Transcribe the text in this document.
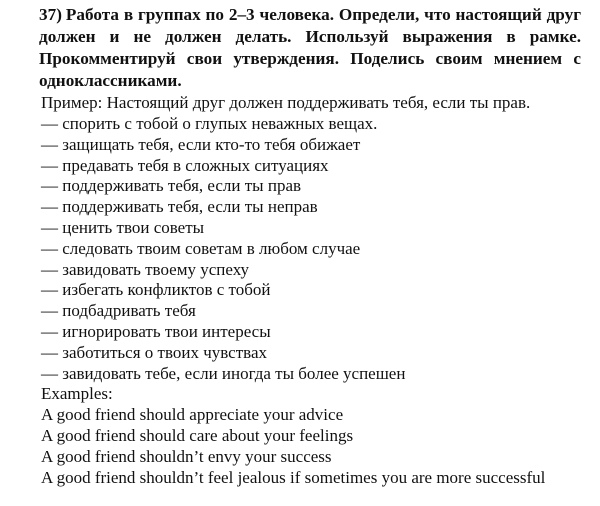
37) Работа в группах по 2–3 человека. Определи, что настоящий друг должен и не должен делать. Используй выражения в рамке. Прокомментируй свои утверждения. Поделись своим мнением с одноклассниками.
Пример: Настоящий друг должен поддерживать тебя, если ты прав.
— спорить с тобой о глупых неважных вещах.
— защищать тебя, если кто-то тебя обижает
— предавать тебя в сложных ситуациях
— поддерживать тебя, если ты прав
— поддерживать тебя, если ты неправ
— ценить твои советы
— следовать твоим советам в любом случае
— завидовать твоему успеху
— избегать конфликтов с тобой
— подбадривать тебя
— игнорировать твои интересы
— заботиться о твоих чувствах
— завидовать тебе, если иногда ты более успешен
Examples:
A good friend should appreciate your advice
A good friend should care about your feelings
A good friend shouldn’t envy your success
A good friend shouldn’t feel jealous if sometimes you are more successful
